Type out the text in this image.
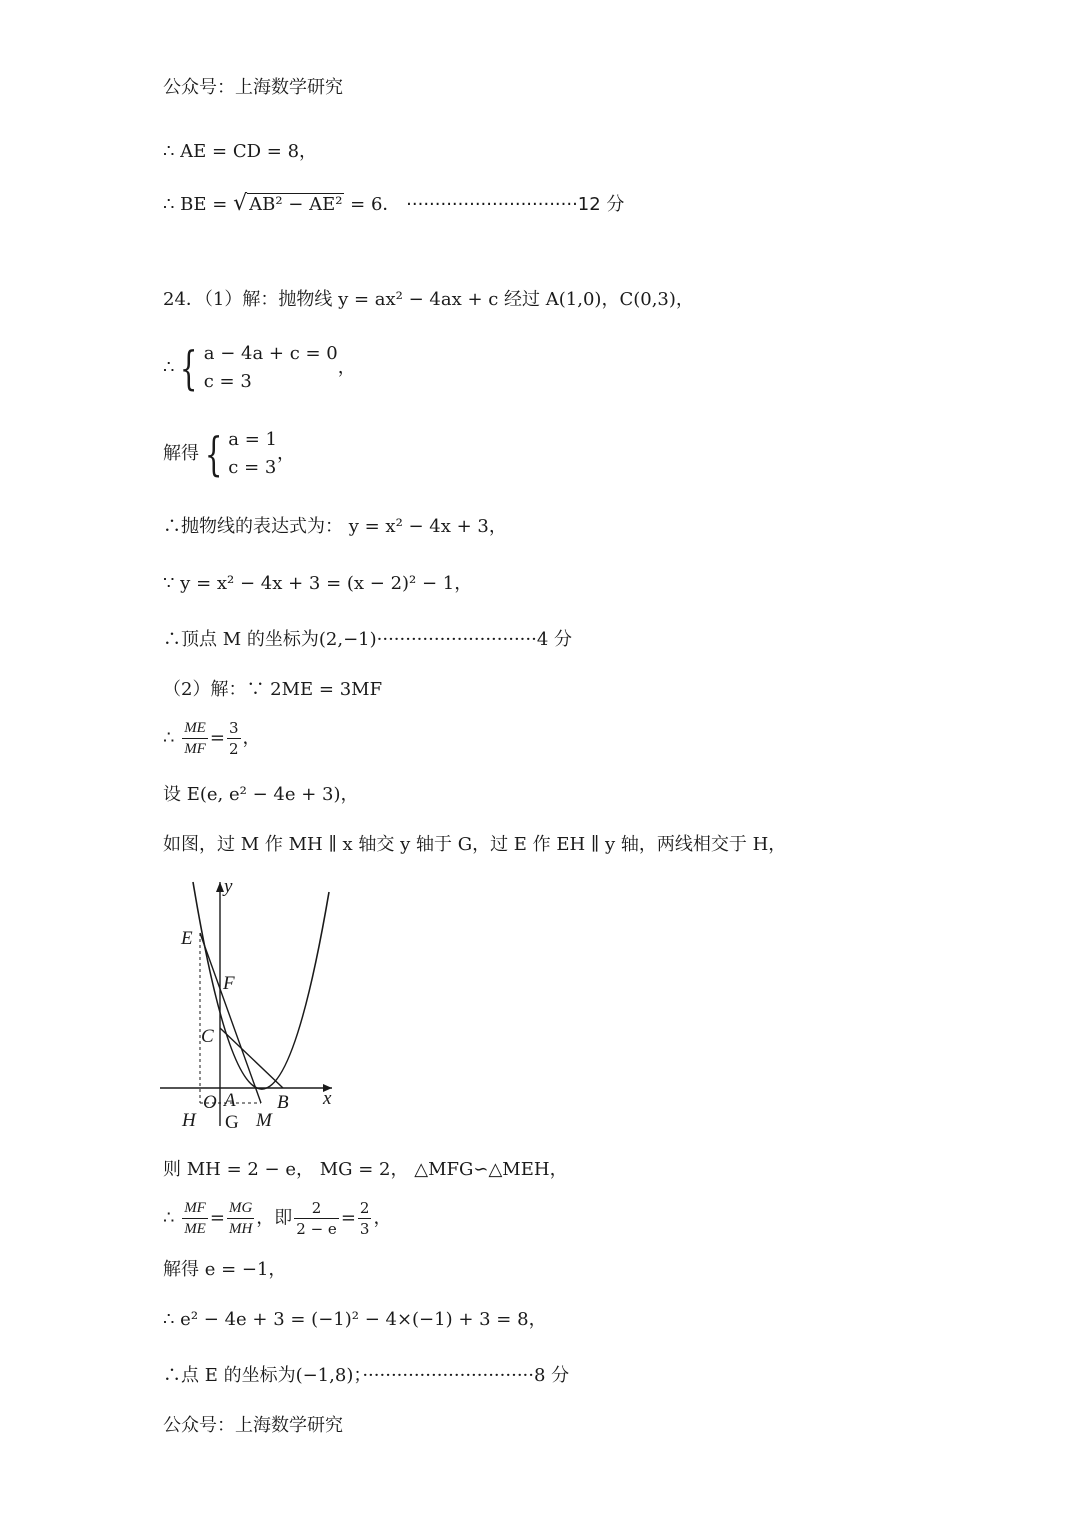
公众号：上海数学研究
∴ AE = CD = 8，
∴ BE = √ AB² − AE² = 6． ······························12 分
24．（1）解：抛物线 y = ax² − 4ax + c 经过 A(1,0)，C(0,3)，
∴ { a − 4a + c = 0
c = 3
，
解得 { a = 1
c = 3
，
∴抛物线的表达式为： y = x² − 4x + 3，
∵ y = x² − 4x + 3 = (x − 2)² − 1，
∴顶点 M 的坐标为(2,−1)····························4 分
（2）解：∵ 2ME = 3MF
∴ $\frac{ME}{MF} = \frac{3}{2}$ ，
设 E(e, e² − 4e + 3)，
如图，过 M 作 MH ∥ x 轴交 y 轴于 G，过 E 作 EH ∥ y 轴，两线相交于 H，
y
x
E
F
C
O A B
H G M
则 MH = 2 − e， MG = 2， △MFG∽△MEH，
∴ $\frac{MF}{ME} = \frac{MG}{MH}$ ，即 $\frac{2}{2 - e} = \frac{2}{3}$ ，
解得 e = −1，
∴ e² − 4e + 3 = (−1)² − 4×(−1) + 3 = 8，
∴点 E 的坐标为(−1,8)；······························8 分
公众号：上海数学研究
